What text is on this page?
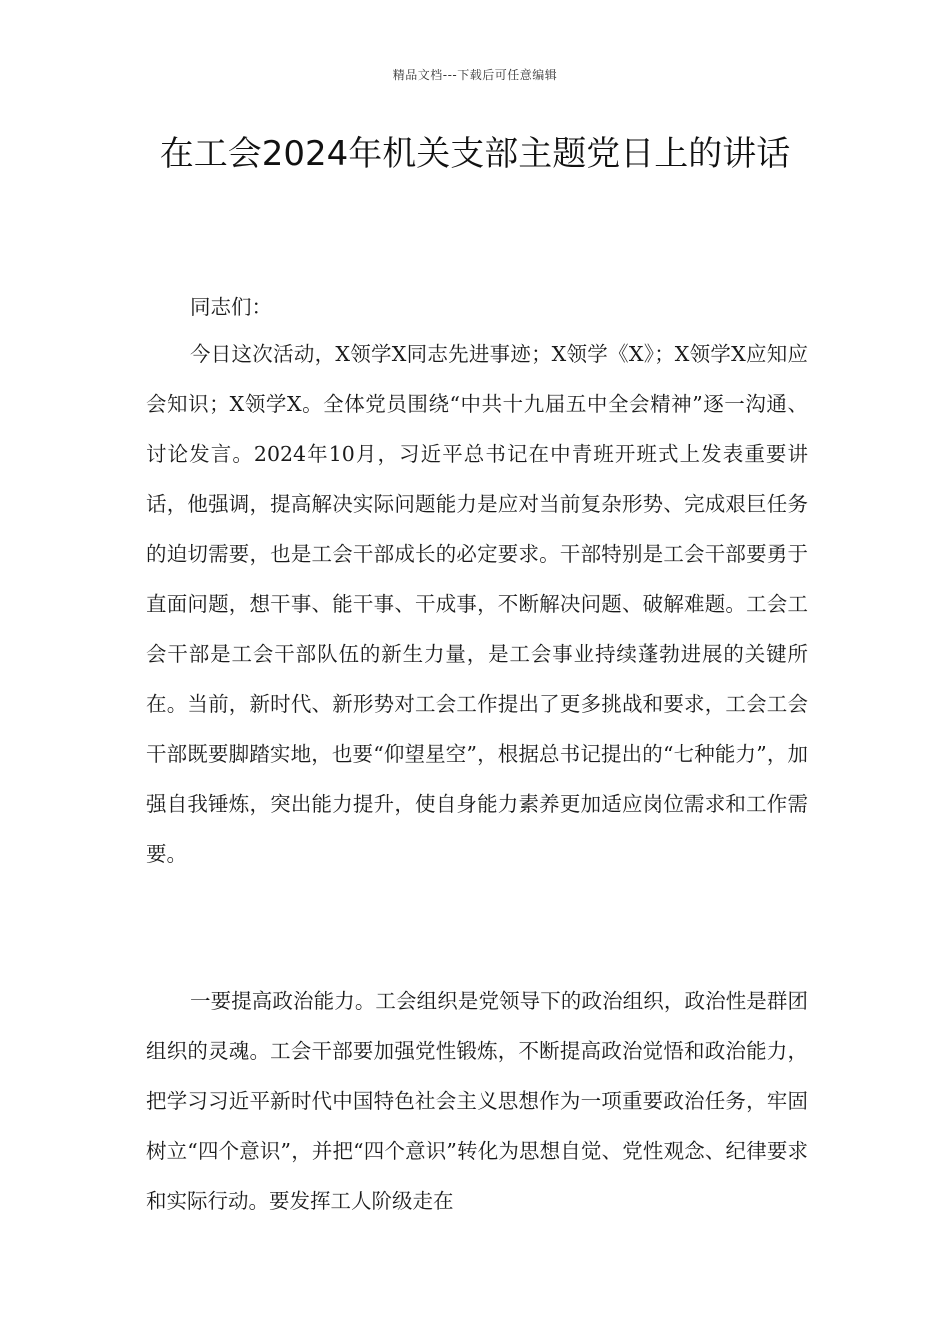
精品文档---下载后可任意编辑
在工会2024年机关支部主题党日上的讲话

同志们：

今日这次活动，X领学X同志先进事迹；X领学《X》；X领学X应知应会知识；X领学X。全体党员围绕“中共十九届五中全会精神”逐一沟通、讨论发言。2024年10月，习近平总书记在中青班开班式上发表重要讲话，他强调，提高解决实际问题能力是应对当前复杂形势、完成艰巨任务的迫切需要，也是工会干部成长的必定要求。干部特别是工会干部要勇于直面问题，想干事、能干事、干成事，不断解决问题、破解难题。工会工会干部是工会干部队伍的新生力量，是工会事业持续蓬勃进展的关键所在。当前，新时代、新形势对工会工作提出了更多挑战和要求，工会工会干部既要脚踏实地，也要“仰望星空”，根据总书记提出的“七种能力”，加强自我锤炼，突出能力提升，使自身能力素养更加适应岗位需求和工作需要。

一要提高政治能力。工会组织是党领导下的政治组织，政治性是群团组织的灵魂。工会干部要加强党性锻炼，不断提高政治觉悟和政治能力，把学习习近平新时代中国特色社会主义思想作为一项重要政治任务，牢固树立“四个意识”，并把“四个意识”转化为思想自觉、党性观念、纪律要求和实际行动。要发挥工人阶级走在
